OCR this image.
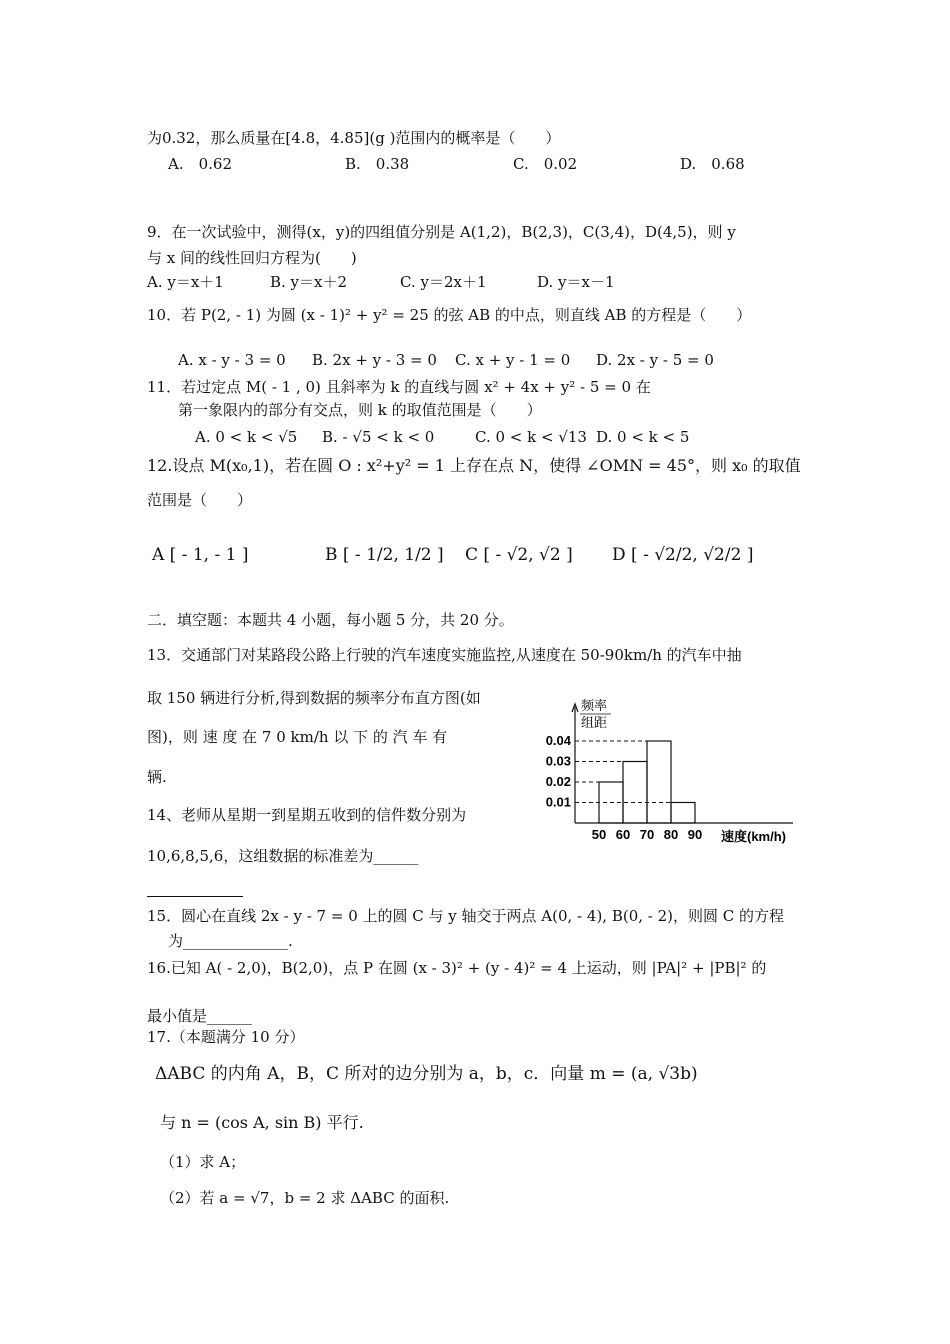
为0.32，那么质量在[4.8，4.85](g )范围内的概率是（　　）
A.　0.62	B.　0.38	C.　0.02	D.　0.68
9．在一次试验中，测得(x，y)的四组值分别是 A(1,2)，B(2,3)，C(3,4)，D(4,5)，则 y
与 x 间的线性回归方程为(　　)
A. y＝x＋1	B. y＝x＋2	C. y＝2x＋1	D. y＝x－1
10．若 P(2, - 1) 为圆 (x - 1)² + y² = 25 的弦 AB 的中点，则直线 AB 的方程是（　　）
A. x - y - 3 = 0 B. 2x + y - 3 = 0 C. x + y - 1 = 0 D. 2x - y - 5 = 0
11．若过定点 M( - 1 , 0) 且斜率为 k 的直线与圆 x² + 4x + y² - 5 = 0 在
第一象限内的部分有交点，则 k 的取值范围是（　　）
A. 0 < k < √5 B. - √5 < k < 0	C. 0 < k < √13 D. 0 < k < 5
12.设点 M(x₀,1)，若在圆 O : x²+y² = 1 上存在点 N，使得 ∠OMN = 45°，则 x₀ 的取值
范围是（　　）
A [ - 1, - 1 ]	B [ - 1/2, 1/2 ] C [ - √2, √2 ] D [ - √2/2, √2/2 ]
二．填空题：本题共 4 小题，每小题 5 分，共 20 分。
13．交通部门对某路段公路上行驶的汽车速度实施监控,从速度在 50-90km/h 的汽车中抽
取 150 辆进行分析,得到数据的频率分布直方图(如
图)，则 速 度 在 7 0 km/h 以 下 的 汽 车 有
辆.
频率
组距
0.01
0.02
0.03
0.04
50 60 70 80 90 速度(km/h)
14、老师从星期一到星期五收到的信件数分别为
10,6,8,5,6，这组数据的标准差为______
15．圆心在直线 2x - y - 7 = 0 上的圆 C 与 y 轴交于两点 A(0, - 4), B(0, - 2)，则圆 C 的方程
为______________.
16.已知 A( - 2,0)，B(2,0)，点 P 在圆 (x - 3)² + (y - 4)² = 4 上运动，则 |PA|² + |PB|² 的
最小值是______
17.（本题满分 10 分）
ΔABC 的内角 A，B，C 所对的边分别为 a，b，c．向量 m = (a, √3b)
与 n = (cos A, sin B) 平行.
（1）求 A；
（2）若 a = √7，b = 2 求 ΔABC 的面积.
